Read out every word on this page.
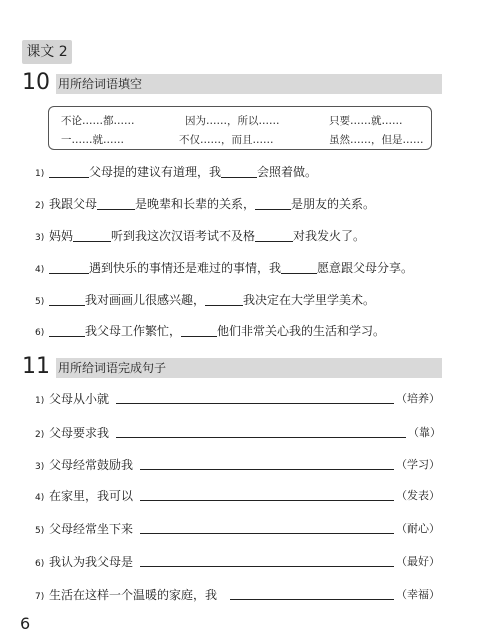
课文 2
10 用所给词语填空
不论……都……	因为……，所以……	只要……就……
一……就……	不仅……，而且……	虽然……，但是……
1)	父母提的建议有道理，我	会照着做。
2) 我跟父母	是晚辈和长辈的关系，	是朋友的关系。
3) 妈妈	听到我这次汉语考试不及格	对我发火了。
4)	遇到快乐的事情还是难过的事情，我	愿意跟父母分享。
5)	我对画画儿很感兴趣，	我决定在大学里学美术。
6)	我父母工作繁忙，	他们非常关心我的生活和学习。
11 用所给词语完成句子
1) 父母从小就	（培养）
2) 父母要求我	（靠）
3) 父母经常鼓励我	（学习）
4) 在家里，我可以	（发表）
5) 父母经常坐下来	（耐心）
6) 我认为我父母是	（最好）
7) 生活在这样一个温暖的家庭，我	（幸福）
6
